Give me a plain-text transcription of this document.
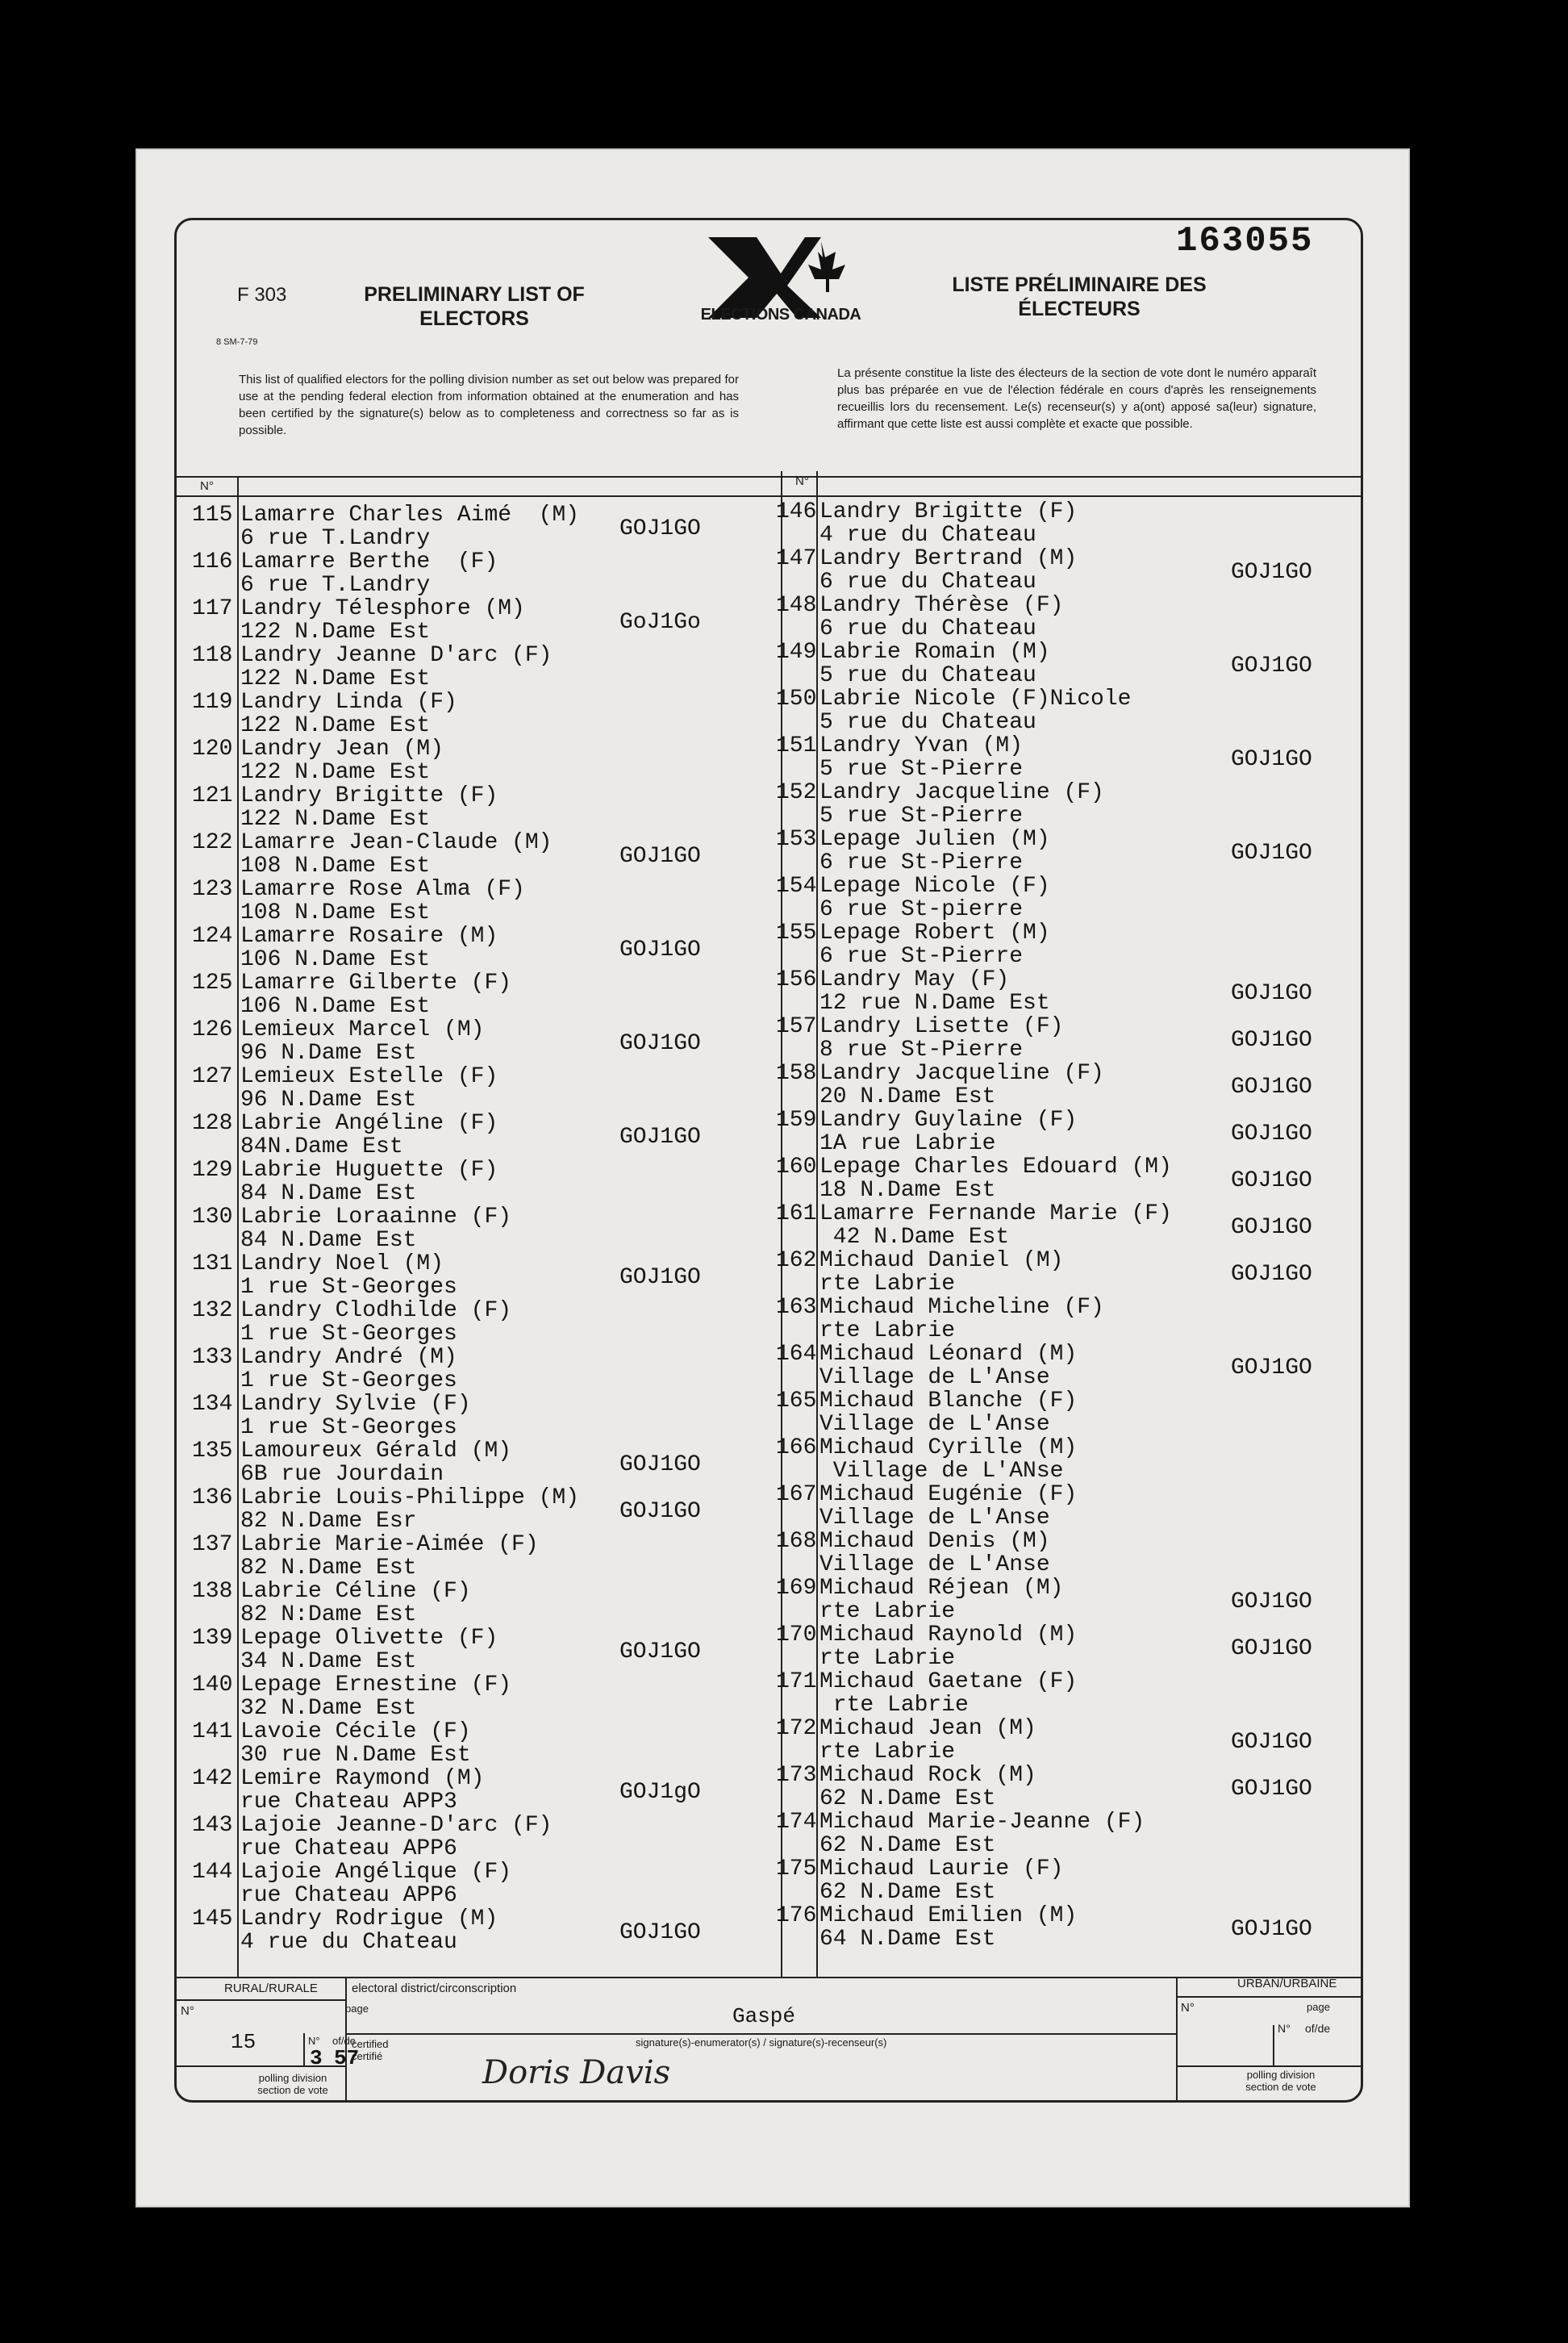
163055
F 303
8 SM-7-79
PRELIMINARY LIST OF ELECTORS
LISTE PRÉLIMINAIRE DES ÉLECTEURS
ELECTIONS CANADA
This list of qualified electors for the polling division number as set out below was prepared for use at the pending federal election from information obtained at the enumeration and has been certified by the signature(s) below as to completeness and correctness so far as is possible.
La présente constitue la liste des électeurs de la section de vote dont le numéro apparaît plus bas préparée en vue de l'élection fédérale en cours d'après les renseignements recueillis lors du recensement. Le(s) recenseur(s) y a(ont) apposé sa(leur) signature, affirmant que cette liste est aussi complète et exacte que possible.
N°	N°
115 Lamarre Charles Aimé  (M)
6 rue T.Landry	GOJ1GO
116 Lamarre Berthe  (F)
6 rue T.Landry
117 Landry Télesphore (M)
122 N.Dame Est	GoJ1Go
118 Landry Jeanne D'arc (F)
122 N.Dame Est
119 Landry Linda (F)
122 N.Dame Est
120 Landry Jean (M)
122 N.Dame Est
121 Landry Brigitte (F)
122 N.Dame Est
122 Lamarre Jean-Claude (M)
108 N.Dame Est	GOJ1GO
123 Lamarre Rose Alma (F)
108 N.Dame Est
124 Lamarre Rosaire (M)
106 N.Dame Est	GOJ1GO
125 Lamarre Gilberte (F)
106 N.Dame Est
126 Lemieux Marcel (M)
96 N.Dame Est	GOJ1GO
127 Lemieux Estelle (F)
96 N.Dame Est
128 Labrie Angéline (F)
84N.Dame Est	GOJ1GO
129 Labrie Huguette (F)
84 N.Dame Est
130 Labrie Loraainne (F)
84 N.Dame Est
131 Landry Noel (M)
1 rue St-Georges	GOJ1GO
132 Landry Clodhilde (F)
1 rue St-Georges
133 Landry André (M)
1 rue St-Georges
134 Landry Sylvie (F)
1 rue St-Georges
135 Lamoureux Gérald (M)
6B rue Jourdain	GOJ1GO
136 Labrie Louis-Philippe (M)
82 N.Dame Esr	GOJ1GO
137 Labrie Marie-Aimée (F)
82 N.Dame Est
138 Labrie Céline (F)
82 N:Dame Est
139 Lepage Olivette (F)
34 N.Dame Est	GOJ1GO
140 Lepage Ernestine (F)
32 N.Dame Est
141 Lavoie Cécile (F)
30 rue N.Dame Est
142 Lemire Raymond (M)
rue Chateau APP3	GOJ1gO
143 Lajoie Jeanne-D'arc (F)
rue Chateau APP6
144 Lajoie Angélique (F)
rue Chateau APP6
145 Landry Rodrigue (M)
4 rue du Chateau	GOJ1GO
146 Landry Brigitte (F)
4 rue du Chateau
147 Landry Bertrand (M)
6 rue du Chateau	GOJ1GO
148 Landry Thérèse (F)
6 rue du Chateau
149 Labrie Romain (M)
5 rue du Chateau	GOJ1GO
150 Labrie Nicole (F)Nicole
5 rue du Chateau
151 Landry Yvan (M)
5 rue St-Pierre	GOJ1GO
152 Landry Jacqueline (F)
5 rue St-Pierre
153 Lepage Julien (M)
6 rue St-Pierre	GOJ1GO
154 Lepage Nicole (F)
6 rue St-pierre
155 Lepage Robert (M)
6 rue St-Pierre
156 Landry May (F)
12 rue N.Dame Est	GOJ1GO
157 Landry Lisette (F)
8 rue St-Pierre	GOJ1GO
158 Landry Jacqueline (F)
20 N.Dame Est	GOJ1GO
159 Landry Guylaine (F)
1A rue Labrie	GOJ1GO
160 Lepage Charles Edouard (M)
18 N.Dame Est	GOJ1GO
161 Lamarre Fernande Marie (F)
42 N.Dame Est	GOJ1GO
162 Michaud Daniel (M)
rte Labrie	GOJ1GO
163 Michaud Micheline (F)
rte Labrie
164 Michaud Léonard (M)
Village de L'Anse	GOJ1GO
165 Michaud Blanche (F)
Village de L'Anse
166 Michaud Cyrille (M)
Village de L'ANse
167 Michaud Eugénie (F)
Village de L'Anse
168 Michaud Denis (M)
Village de L'Anse
169 Michaud Réjean (M)
rte Labrie	GOJ1GO
170 Michaud Raynold (M)
rte Labrie	GOJ1GO
171 Michaud Gaetane (F)
rte Labrie
172 Michaud Jean (M)
rte Labrie	GOJ1GO
173 Michaud Rock (M)
62 N.Dame Est	GOJ1GO
174 Michaud Marie-Jeanne (F)
62 N.Dame Est
175 Michaud Laurie (F)
62 N.Dame Est
176 Michaud Emilien (M)
64 N.Dame Est	GOJ1GO
RURAL/RURALE	URBAN/URBAINE
electoral district/circonscription
Gaspé
N°	page	N°	page
N° of/de
15	N° of/de
3 57
polling division section de vote
polling division section de vote
certified certifié
signature(s)-enumerator(s) / signature(s)-recenseur(s)
Doris Davis
